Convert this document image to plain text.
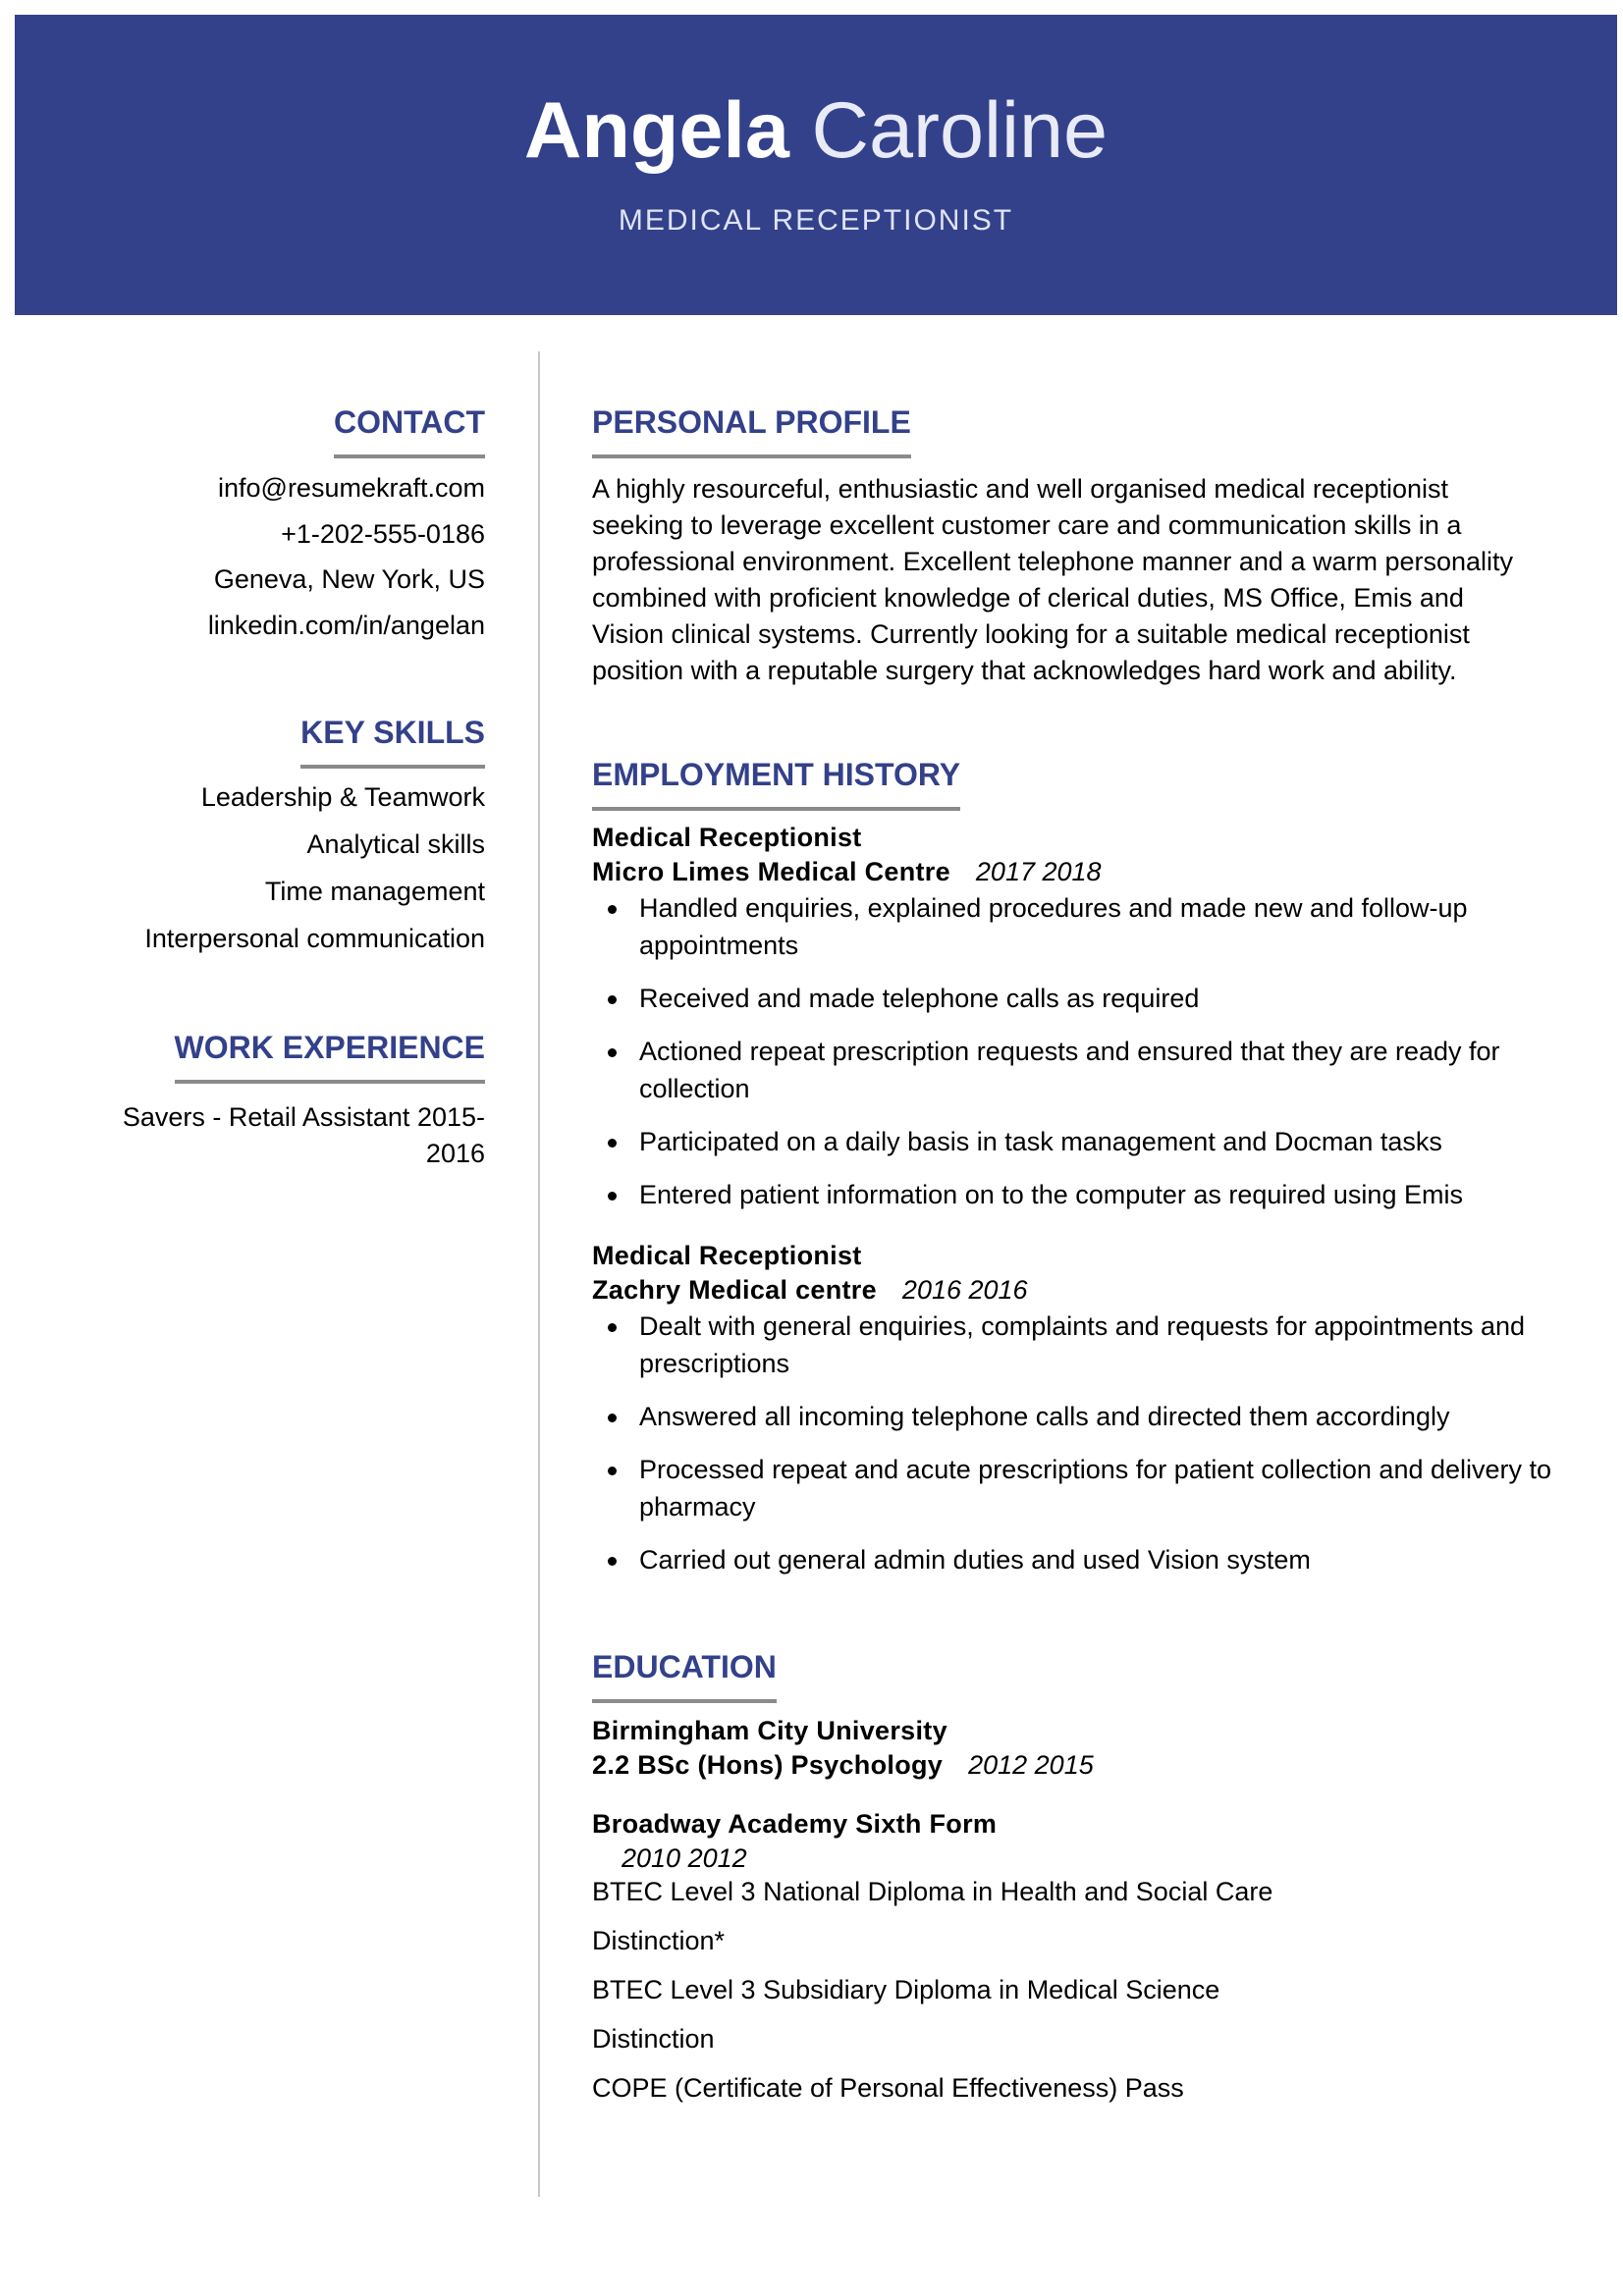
Angela Caroline
MEDICAL RECEPTIONIST
CONTACT
info@resumekraft.com
+1-202-555-0186
Geneva, New York, US
linkedin.com/in/angelan
KEY SKILLS
Leadership & Teamwork
Analytical skills
Time management
Interpersonal communication
WORK EXPERIENCE
Savers - Retail Assistant 2015-
2016
PERSONAL PROFILE
A highly resourceful, enthusiastic and well organised medical receptionist
seeking to leverage excellent customer care and communication skills in a
professional environment. Excellent telephone manner and a warm personality
combined with proficient knowledge of clerical duties, MS Office, Emis and
Vision clinical systems. Currently looking for a suitable medical receptionist
position with a reputable surgery that acknowledges hard work and ability.
EMPLOYMENT HISTORY
Medical Receptionist
Micro Limes Medical Centre 2017 2018
Handled enquiries, explained procedures and made new and follow-up appointments
Received and made telephone calls as required
Actioned repeat prescription requests and ensured that they are ready for collection
Participated on a daily basis in task management and Docman tasks
Entered patient information on to the computer as required using Emis
Medical Receptionist
Zachry Medical centre 2016 2016
Dealt with general enquiries, complaints and requests for appointments and prescriptions
Answered all incoming telephone calls and directed them accordingly
Processed repeat and acute prescriptions for patient collection and delivery to pharmacy
Carried out general admin duties and used Vision system
EDUCATION
Birmingham City University
2.2 BSc (Hons) Psychology 2012 2015
Broadway Academy Sixth Form
2010 2012
BTEC Level 3 National Diploma in Health and Social Care
Distinction*
BTEC Level 3 Subsidiary Diploma in Medical Science
Distinction
COPE (Certificate of Personal Effectiveness) Pass
